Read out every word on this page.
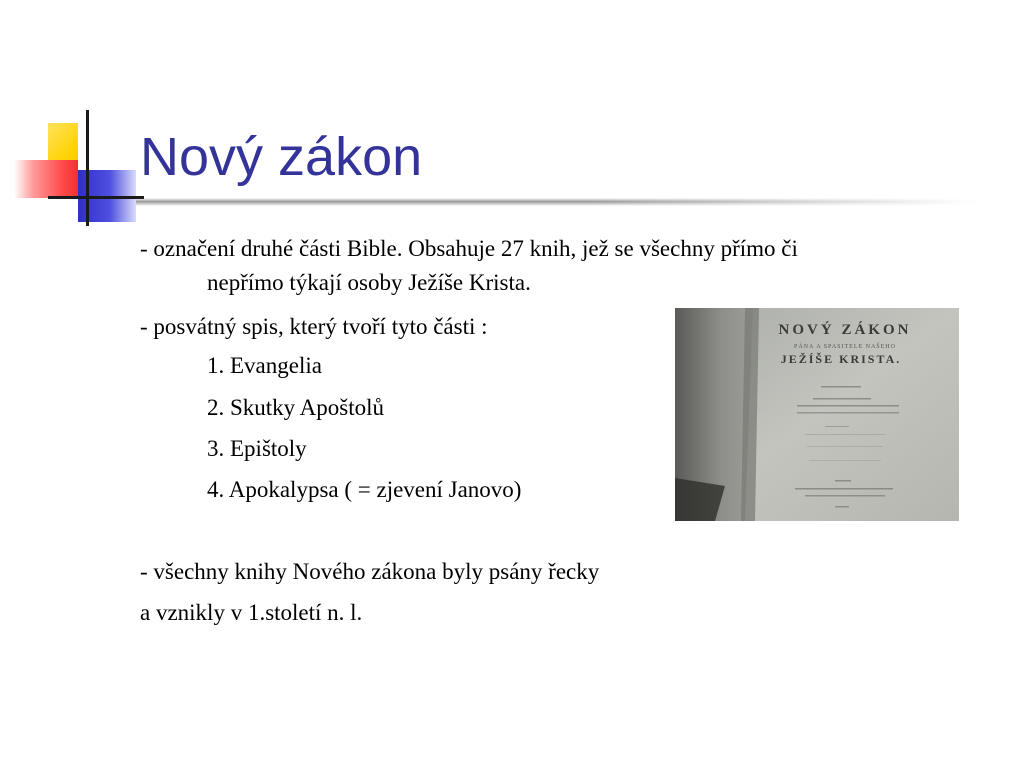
Nový zákon

- označení druhé části Bible. Obsahuje 27 knih, jež se všechny přímo či

nepřímo týkají osoby Ježíše Krista.

- posvátný spis, který tvoří tyto části :

1. Evangelia

2. Skutky Apoštolů

3. Epištoly

4. Apokalypsa ( = zjevení Janovo)

- všechny knihy Nového zákona byly psány řecky

a vznikly v 1.století n. l.

NOVÝ ZÁKON
PÁNA A SPASITELE NAŠEHO
JEŽÍŠE KRISTA.
